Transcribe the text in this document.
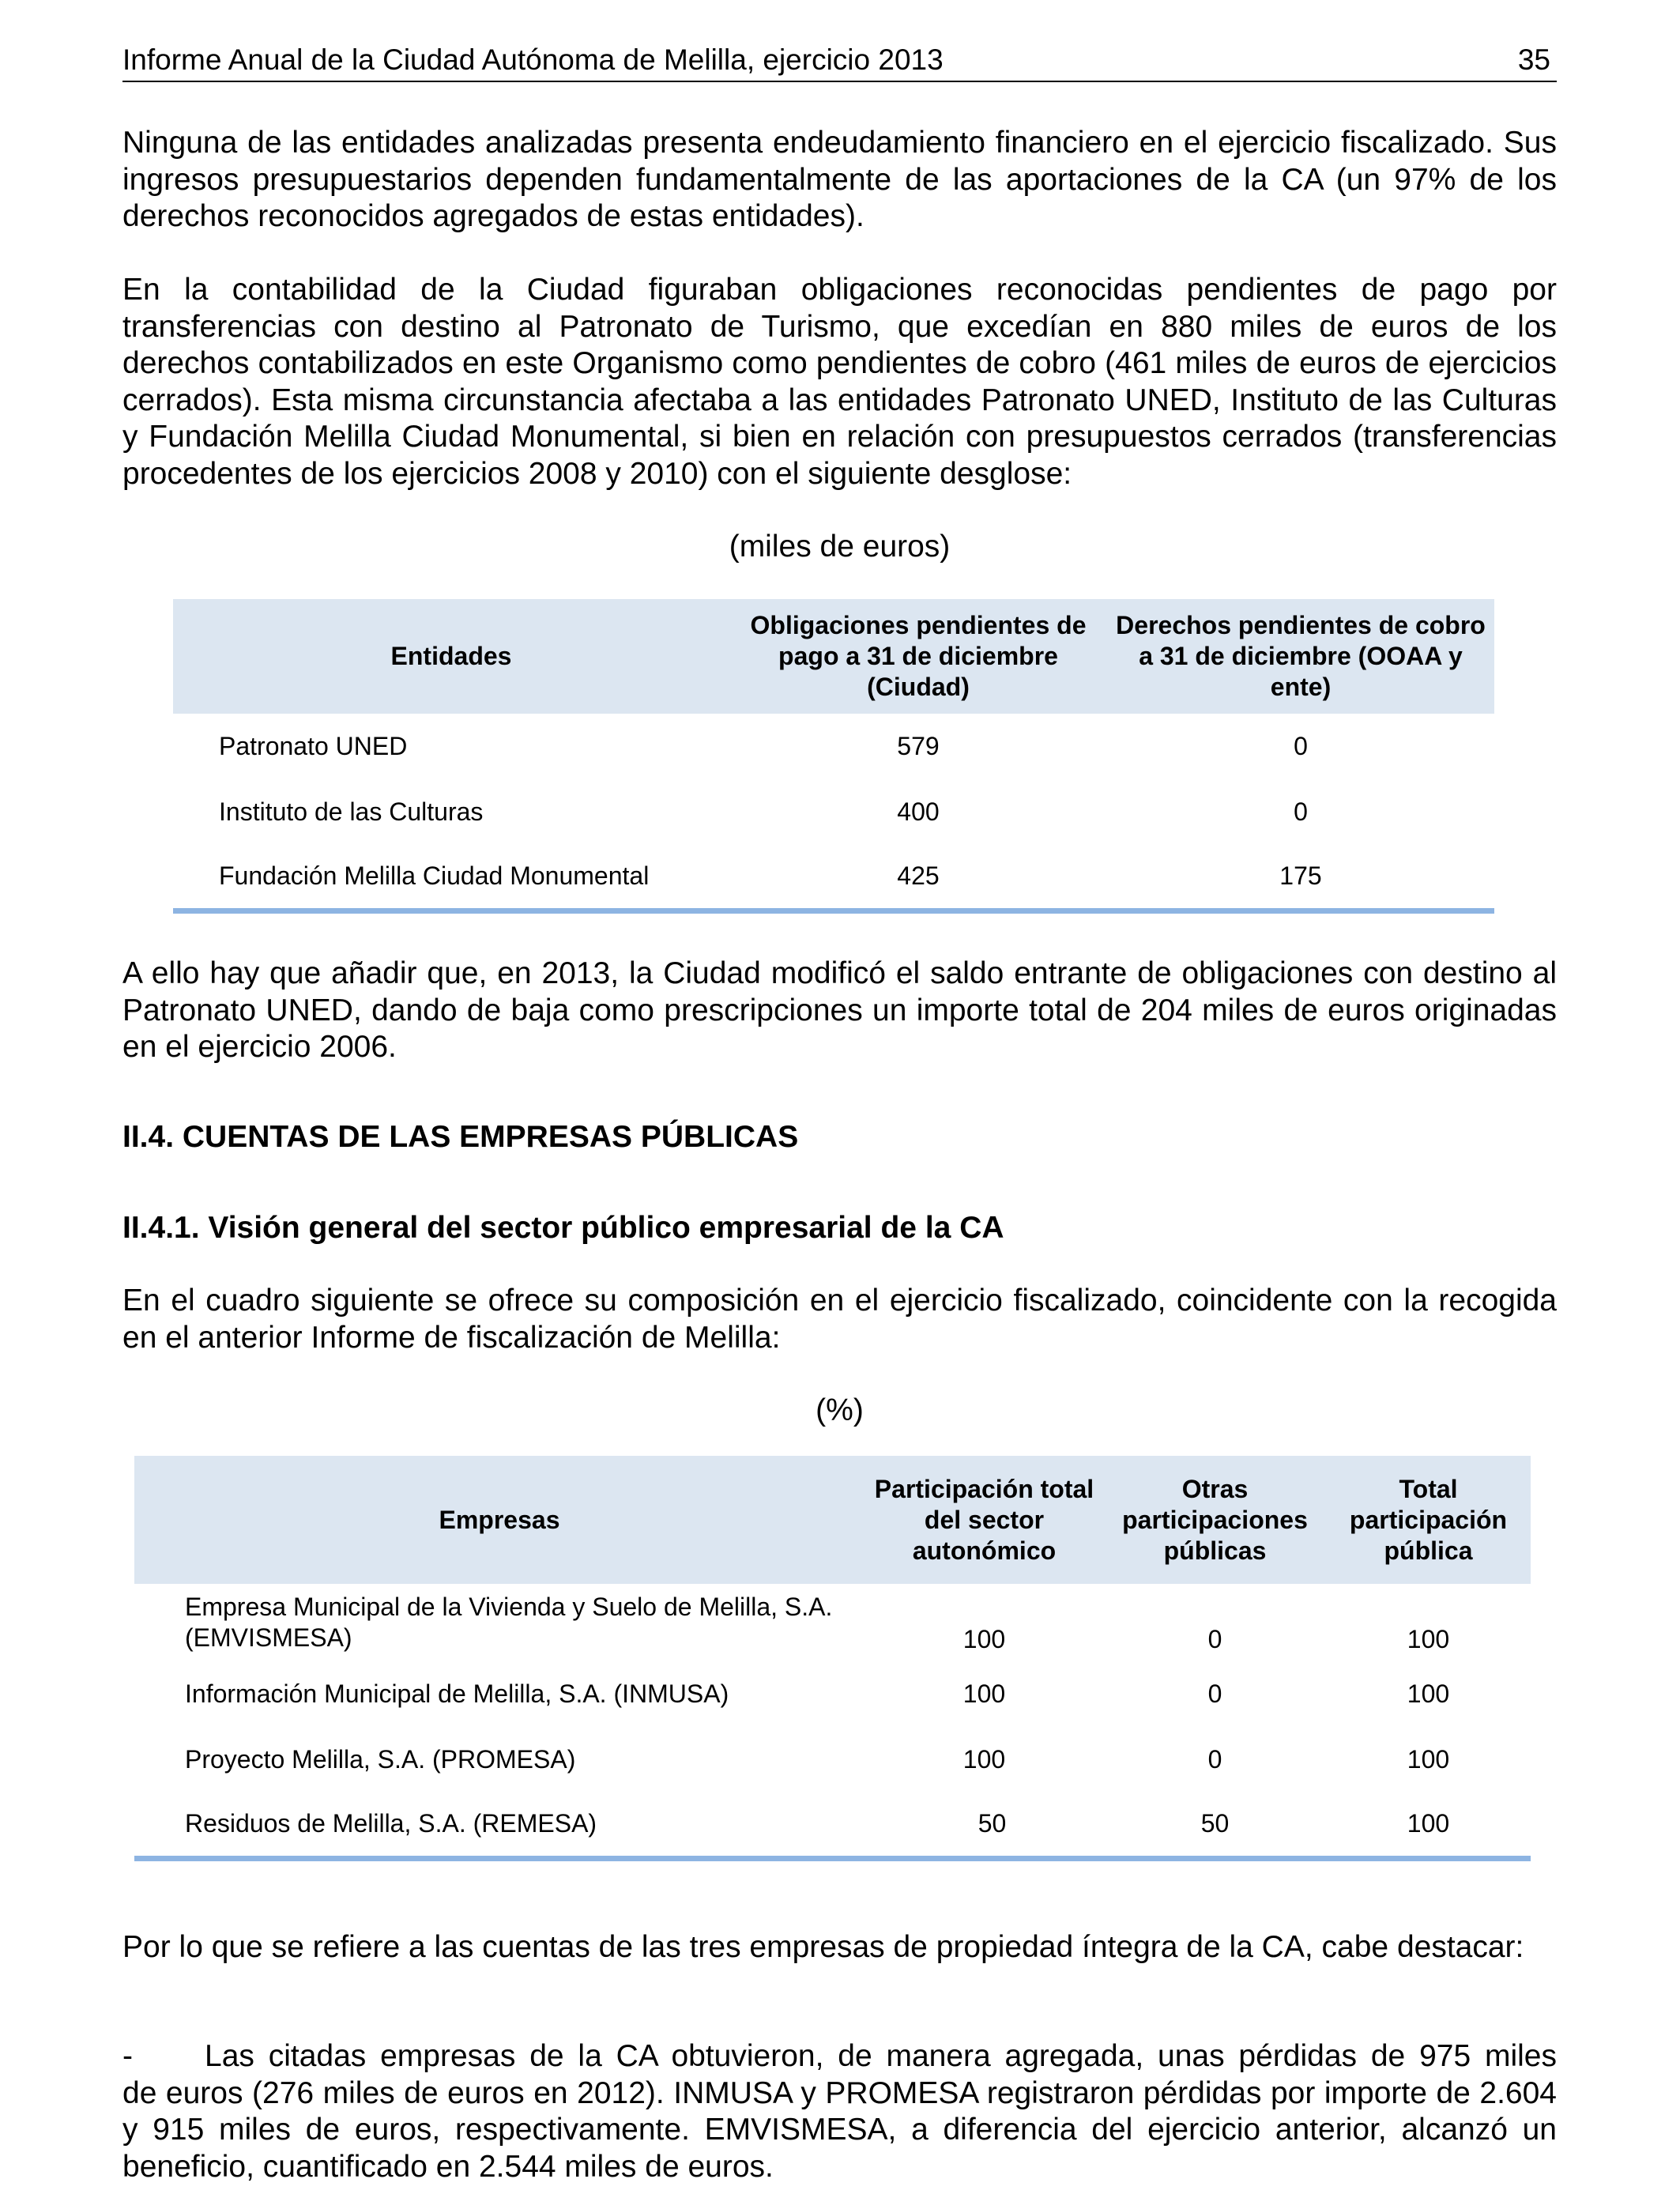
Informe Anual de la Ciudad Autónoma de Melilla, ejercicio 2013	35
Ninguna de las entidades analizadas presenta endeudamiento financiero en el ejercicio fiscalizado. Sus ingresos presupuestarios dependen fundamentalmente de las aportaciones de la CA (un 97% de los derechos reconocidos agregados de estas entidades).
En la contabilidad de la Ciudad figuraban obligaciones reconocidas pendientes de pago por transferencias con destino al Patronato de Turismo, que excedían en 880 miles de euros de los derechos contabilizados en este Organismo como pendientes de cobro (461 miles de euros de ejercicios cerrados). Esta misma circunstancia afectaba a las entidades Patronato UNED, Instituto de las Culturas y Fundación Melilla Ciudad Monumental, si bien en relación con presupuestos cerrados (transferencias procedentes de los ejercicios 2008 y 2010) con el siguiente desglose:
(miles de euros)
Entidades	Obligaciones pendientes de pago a 31 de diciembre (Ciudad)	Derechos pendientes de cobro a 31 de diciembre (OOAA y ente)
Patronato UNED	579	0
Instituto de las Culturas	400	0
Fundación Melilla Ciudad Monumental	425	175
A ello hay que añadir que, en 2013, la Ciudad modificó el saldo entrante de obligaciones con destino al Patronato UNED, dando de baja como prescripciones un importe total de 204 miles de euros originadas en el ejercicio 2006.
II.4. CUENTAS DE LAS EMPRESAS PÚBLICAS
II.4.1. Visión general del sector público empresarial de la CA
En el cuadro siguiente se ofrece su composición en el ejercicio fiscalizado, coincidente con la recogida en el anterior Informe de fiscalización de Melilla:
(%)
Empresas	Participación total del sector autonómico	Otras participaciones públicas	Total participación pública
Empresa Municipal de la Vivienda y Suelo de Melilla, S.A. (EMVISMESA)	100	0	100
Información Municipal de Melilla, S.A. (INMUSA)	100	0	100
Proyecto Melilla, S.A. (PROMESA)	100	0	100
Residuos de Melilla, S.A. (REMESA)	50	50	100
Por lo que se refiere a las cuentas de las tres empresas de propiedad íntegra de la CA, cabe destacar:
- Las citadas empresas de la CA obtuvieron, de manera agregada, unas pérdidas de 975 miles
de euros (276 miles de euros en 2012). INMUSA y PROMESA registraron pérdidas por importe de 2.604 y 915 miles de euros, respectivamente. EMVISMESA, a diferencia del ejercicio anterior, alcanzó un beneficio, cuantificado en 2.544 miles de euros.
